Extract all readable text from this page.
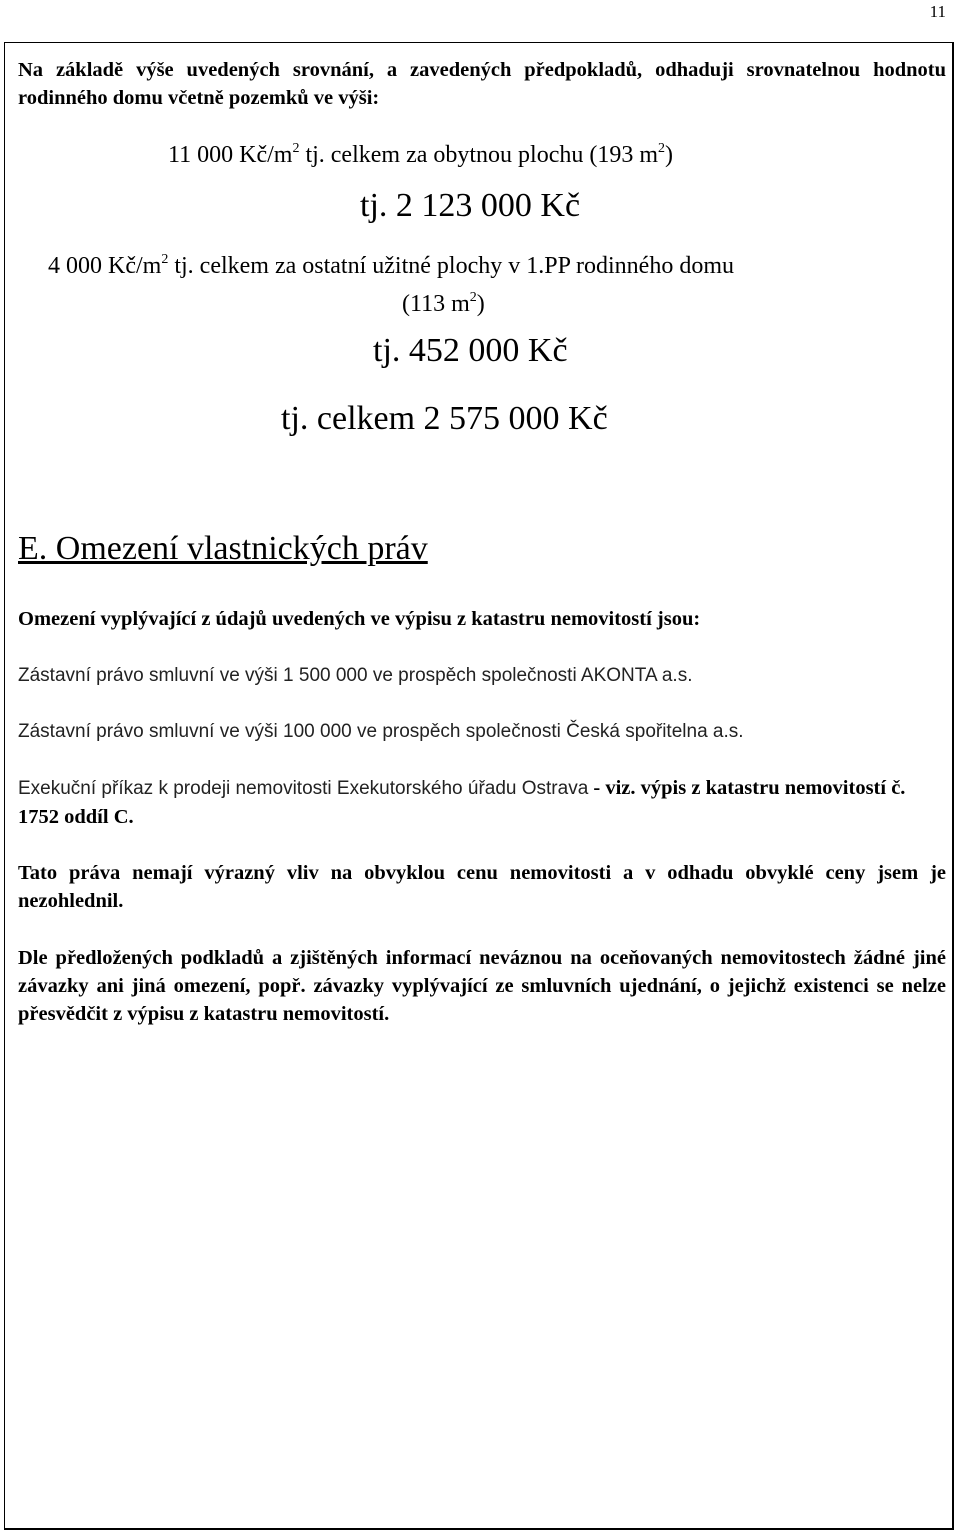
11

Na základě výše uvedených srovnání, a zavedených předpokladů, odhaduji srovnatelnou hodnotu rodinného domu včetně pozemků ve výši:

11 000 $Kč/m^2$ tj. celkem za obytnou plochu (193 $m^2$)
tj. 2 123 000 Kč
4 000 $Kč/m^2$ tj. celkem za ostatní užitné plochy v 1.PP rodinného domu
(113 $m^2$)
tj. 452 000 Kč
tj. celkem 2 575 000 Kč
E. Omezení vlastnických práv
Omezení vyplývající z údajů uvedených ve výpisu z katastru nemovitostí jsou:
Zástavní právo smluvní ve výši 1 500 000 ve prospěch společnosti AKONTA a.s.
Zástavní právo smluvní ve výši 100 000 ve prospěch společnosti Česká spořitelna a.s.
Exekuční příkaz k prodeji nemovitosti Exekutorského úřadu Ostrava - viz. výpis z katastru nemovitostí č. 1752 oddíl C.
Tato práva nemají výrazný vliv na obvyklou cenu nemovitosti a v odhadu obvyklé ceny jsem je nezohlednil.
Dle předložených podkladů a zjištěných informací neváznou na oceňovaných nemovitostech žádné jiné závazky ani jiná omezení, popř. závazky vyplývající ze smluvních ujednání, o jejichž existenci se nelze přesvědčit z výpisu z katastru nemovitostí.
